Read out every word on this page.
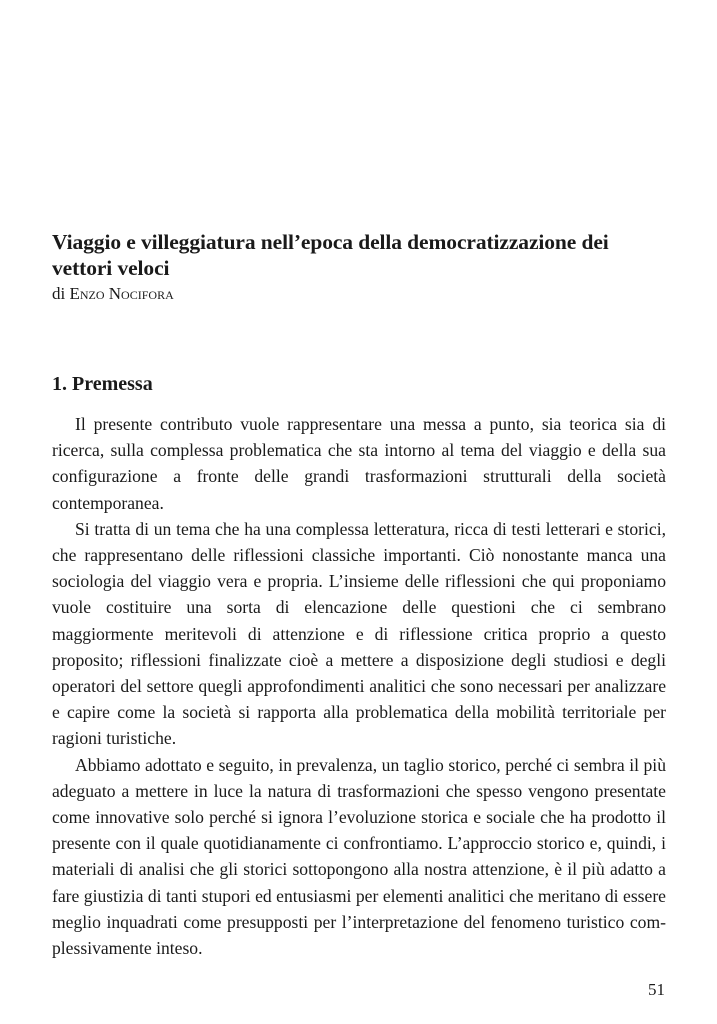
Viaggio e villeggiatura nell’epoca della democratizzazione dei vettori veloci

di Enzo Nocifora

1. Premessa

Il presente contributo vuole rappresentare una messa a punto, sia teorica sia di ricerca, sulla complessa problematica che sta intorno al tema del viaggio e della sua configurazione a fronte delle grandi trasformazioni strutturali della società contemporanea.

Si tratta di un tema che ha una complessa letteratura, ricca di testi letterari e storici, che rappresentano delle riflessioni classiche importanti. Ciò nonostante manca una sociologia del viaggio vera e propria. L’insieme delle riflessioni che qui proponiamo vuole costituire una sorta di elencazione delle questioni che ci sembrano maggiormente meritevoli di attenzione e di riflessione critica proprio a questo proposito; riflessioni finalizzate cioè a mettere a disposizione degli studiosi e degli operatori del settore quegli approfondimenti analitici che sono necessari per analizzare e capire come la società si rapporta alla problematica della mobilità territoriale per ragioni turistiche.

Abbiamo adottato e seguito, in prevalenza, un taglio storico, perché ci sembra il più adeguato a mettere in luce la natura di trasformazioni che spesso vengono presentate come innovative solo perché si ignora l’evoluzione storica e sociale che ha prodotto il presente con il quale quotidianamente ci confrontiamo. L’approccio storico e, quindi, i materiali di analisi che gli storici sottopongono alla nostra attenzione, è il più adatto a fare giustizia di tanti stupori ed entusiasmi per elementi analitici che meritano di essere meglio inquadrati come presupposti per l’interpretazione del fenomeno turistico complessivamente inteso.

51
